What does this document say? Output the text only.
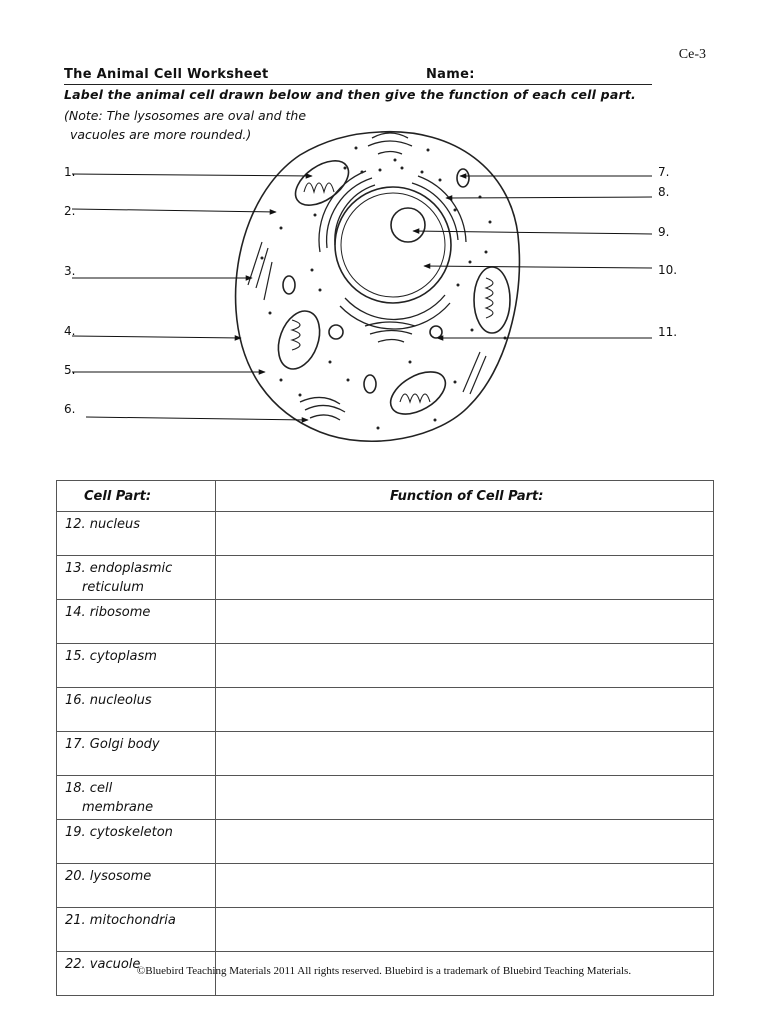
Ce-3
The Animal Cell Worksheet	Name:
Label the animal cell drawn below and then give the function of each cell part.
(Note: The lysosomes are oval and the
vacuoles are more rounded.)
1.
2.
3.
4.
5.
6.
7.
8.
9.
10.
11.
Cell Part:	Function of Cell Part:
12. nucleus	
13. endoplasmic
reticulum	

14. ribosome	
15. cytoplasm	
16. nucleolus	
17. Golgi body	
18. cell
membrane	

19. cytoskeleton	
20. lysosome	
21. mitochondria	
22. vacuole	
©Bluebird Teaching Materials 2011 All rights reserved. Bluebird is a trademark of Bluebird Teaching Materials.
